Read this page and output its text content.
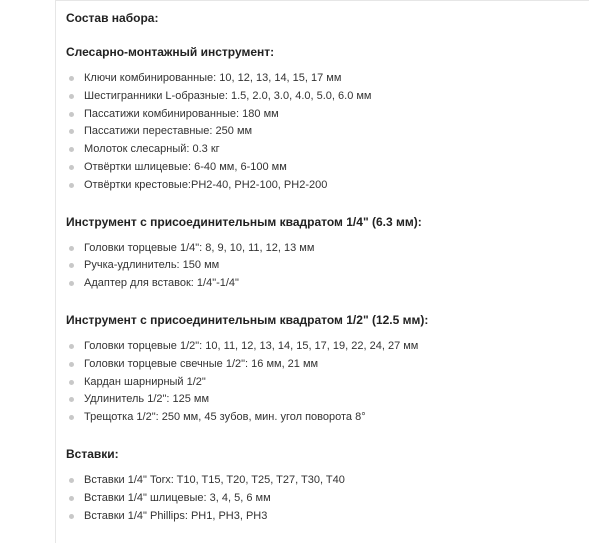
Состав набора:

Слесарно-монтажный инструмент:

Ключи комбинированные: 10, 12, 13, 14, 15, 17 мм
Шестигранники L-образные: 1.5, 2.0, 3.0, 4.0, 5.0, 6.0 мм
Пассатижи комбинированные: 180 мм
Пассатижи переставные: 250 мм
Молоток слесарный: 0.3 кг
Отвёртки шлицевые: 6-40 мм, 6-100 мм
Отвёртки крестовые:PH2-40, PH2-100, PH2-200

Инструмент с присоединительным квадратом 1/4" (6.3 мм):

Головки торцевые 1/4": 8, 9, 10, 11, 12, 13 мм
Ручка-удлинитель: 150 мм
Адаптер для вставок: 1/4"-1/4"

Инструмент с присоединительным квадратом 1/2" (12.5 мм):

Головки торцевые 1/2": 10, 11, 12, 13, 14, 15, 17, 19, 22, 24, 27 мм
Головки торцевые свечные 1/2": 16 мм, 21 мм
Кардан шарнирный 1/2"
Удлинитель 1/2": 125 мм
Трещотка 1/2": 250 мм, 45 зубов, мин. угол поворота 8°

Вставки:

Вставки 1/4" Torx: T10, T15, T20, T25, T27, T30, T40
Вставки 1/4" шлицевые: 3, 4, 5, 6 мм
Вставки 1/4" Phillips: PH1, PH3, PH3
